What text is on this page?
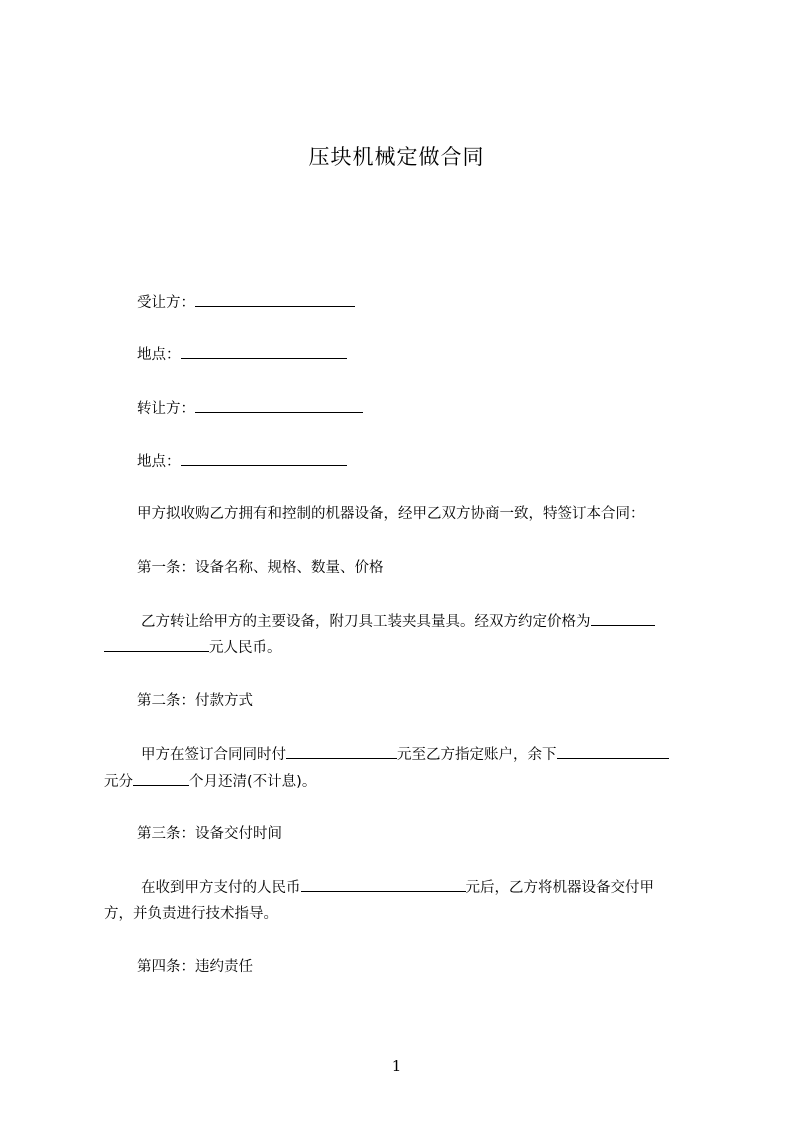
压块机械定做合同
受让方：
地点：
转让方：
地点：
甲方拟收购乙方拥有和控制的机器设备，经甲乙双方协商一致，特签订本合同：
第一条：设备名称、规格、数量、价格
乙方转让给甲方的主要设备，附刀具工装夹具量具。经双方约定价格为
元人民币。
第二条：付款方式
甲方在签订合同同时付	元至乙方指定账户，余下
元分	个月还清(不计息)。
第三条：设备交付时间
在收到甲方支付的人民币	元后，乙方将机器设备交付甲
方，并负责进行技术指导。
第四条：违约责任
1
